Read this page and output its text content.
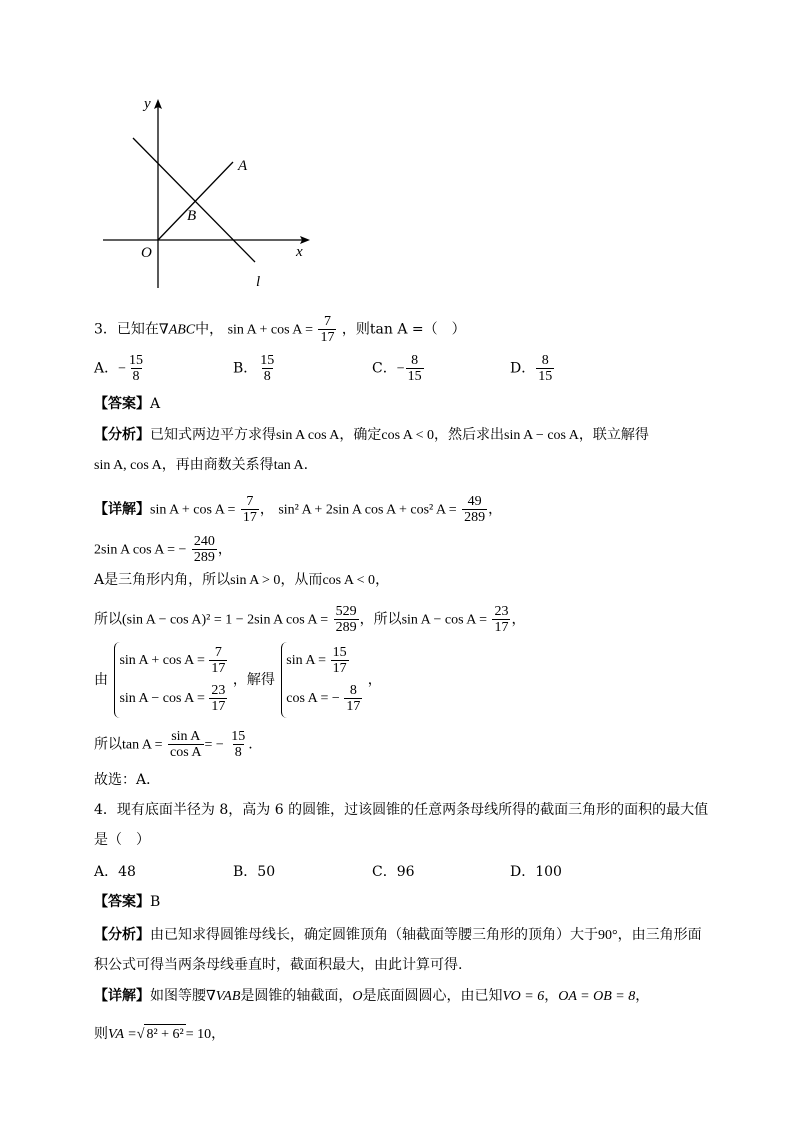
y
A
B
O	x
l
3．已知在∇ABC中， $\sin A + \cos A = \frac{7}{17}$ ，则tan A =（　）
A．− $\frac{15}{8}$	B． $\frac{15}{8}$	C．− $\frac{8}{15}$	D． $\frac{8}{15}$
【答案】A
【分析】已知式两边平方求得sin A cos A，确定cos A < 0，然后求出sin A − cos A，联立解得
sin A, cos A，再由商数关系得tan A.
【详解】$\sin A + \cos A = \frac{7}{17}$ ， sin² A + 2sin A cos A + cos² $A = \frac{49}{289}$ ，
2sin A cos A = − $\frac{240}{289}$ ，
A是三角形内角，所以sin A > 0，从而cos A < 0，
所以(sin A − cos A)² = 1 − 2sin A $\cos A = \frac{529}{289}$ ，所以$\sin A - \cos A = \frac{23}{17}$ ，
由
$\sin A + \cos A = \frac{7}{17}$
$\sin A - \cos A = \frac{23}{17}$
，解得
$\sin A = \frac{15}{17}$
cos A = − $\frac{8}{17}$
，
所以$\tan A = \frac{\text{sin A}}{\text{cos A}}$ = − $\frac{15}{8}$ .
故选：A．
4．现有底面半径为 8，高为 6 的圆锥，过该圆锥的任意两条母线所得的截面三角形的面积的最大值
是（　）
A．48	B．50	C．96	D．100
【答案】B
【分析】由已知求得圆锥母线长，确定圆锥顶角（轴截面等腰三角形的顶角）大于90°，由三角形面
积公式可得当两条母线垂直时，截面积最大，由此计算可得.
【详解】如图等腰∇VAB是圆锥的轴截面，O是底面圆圆心，由已知VO = 6，OA = OB = 8，
则VA =√ 8² + 6² = 10，
